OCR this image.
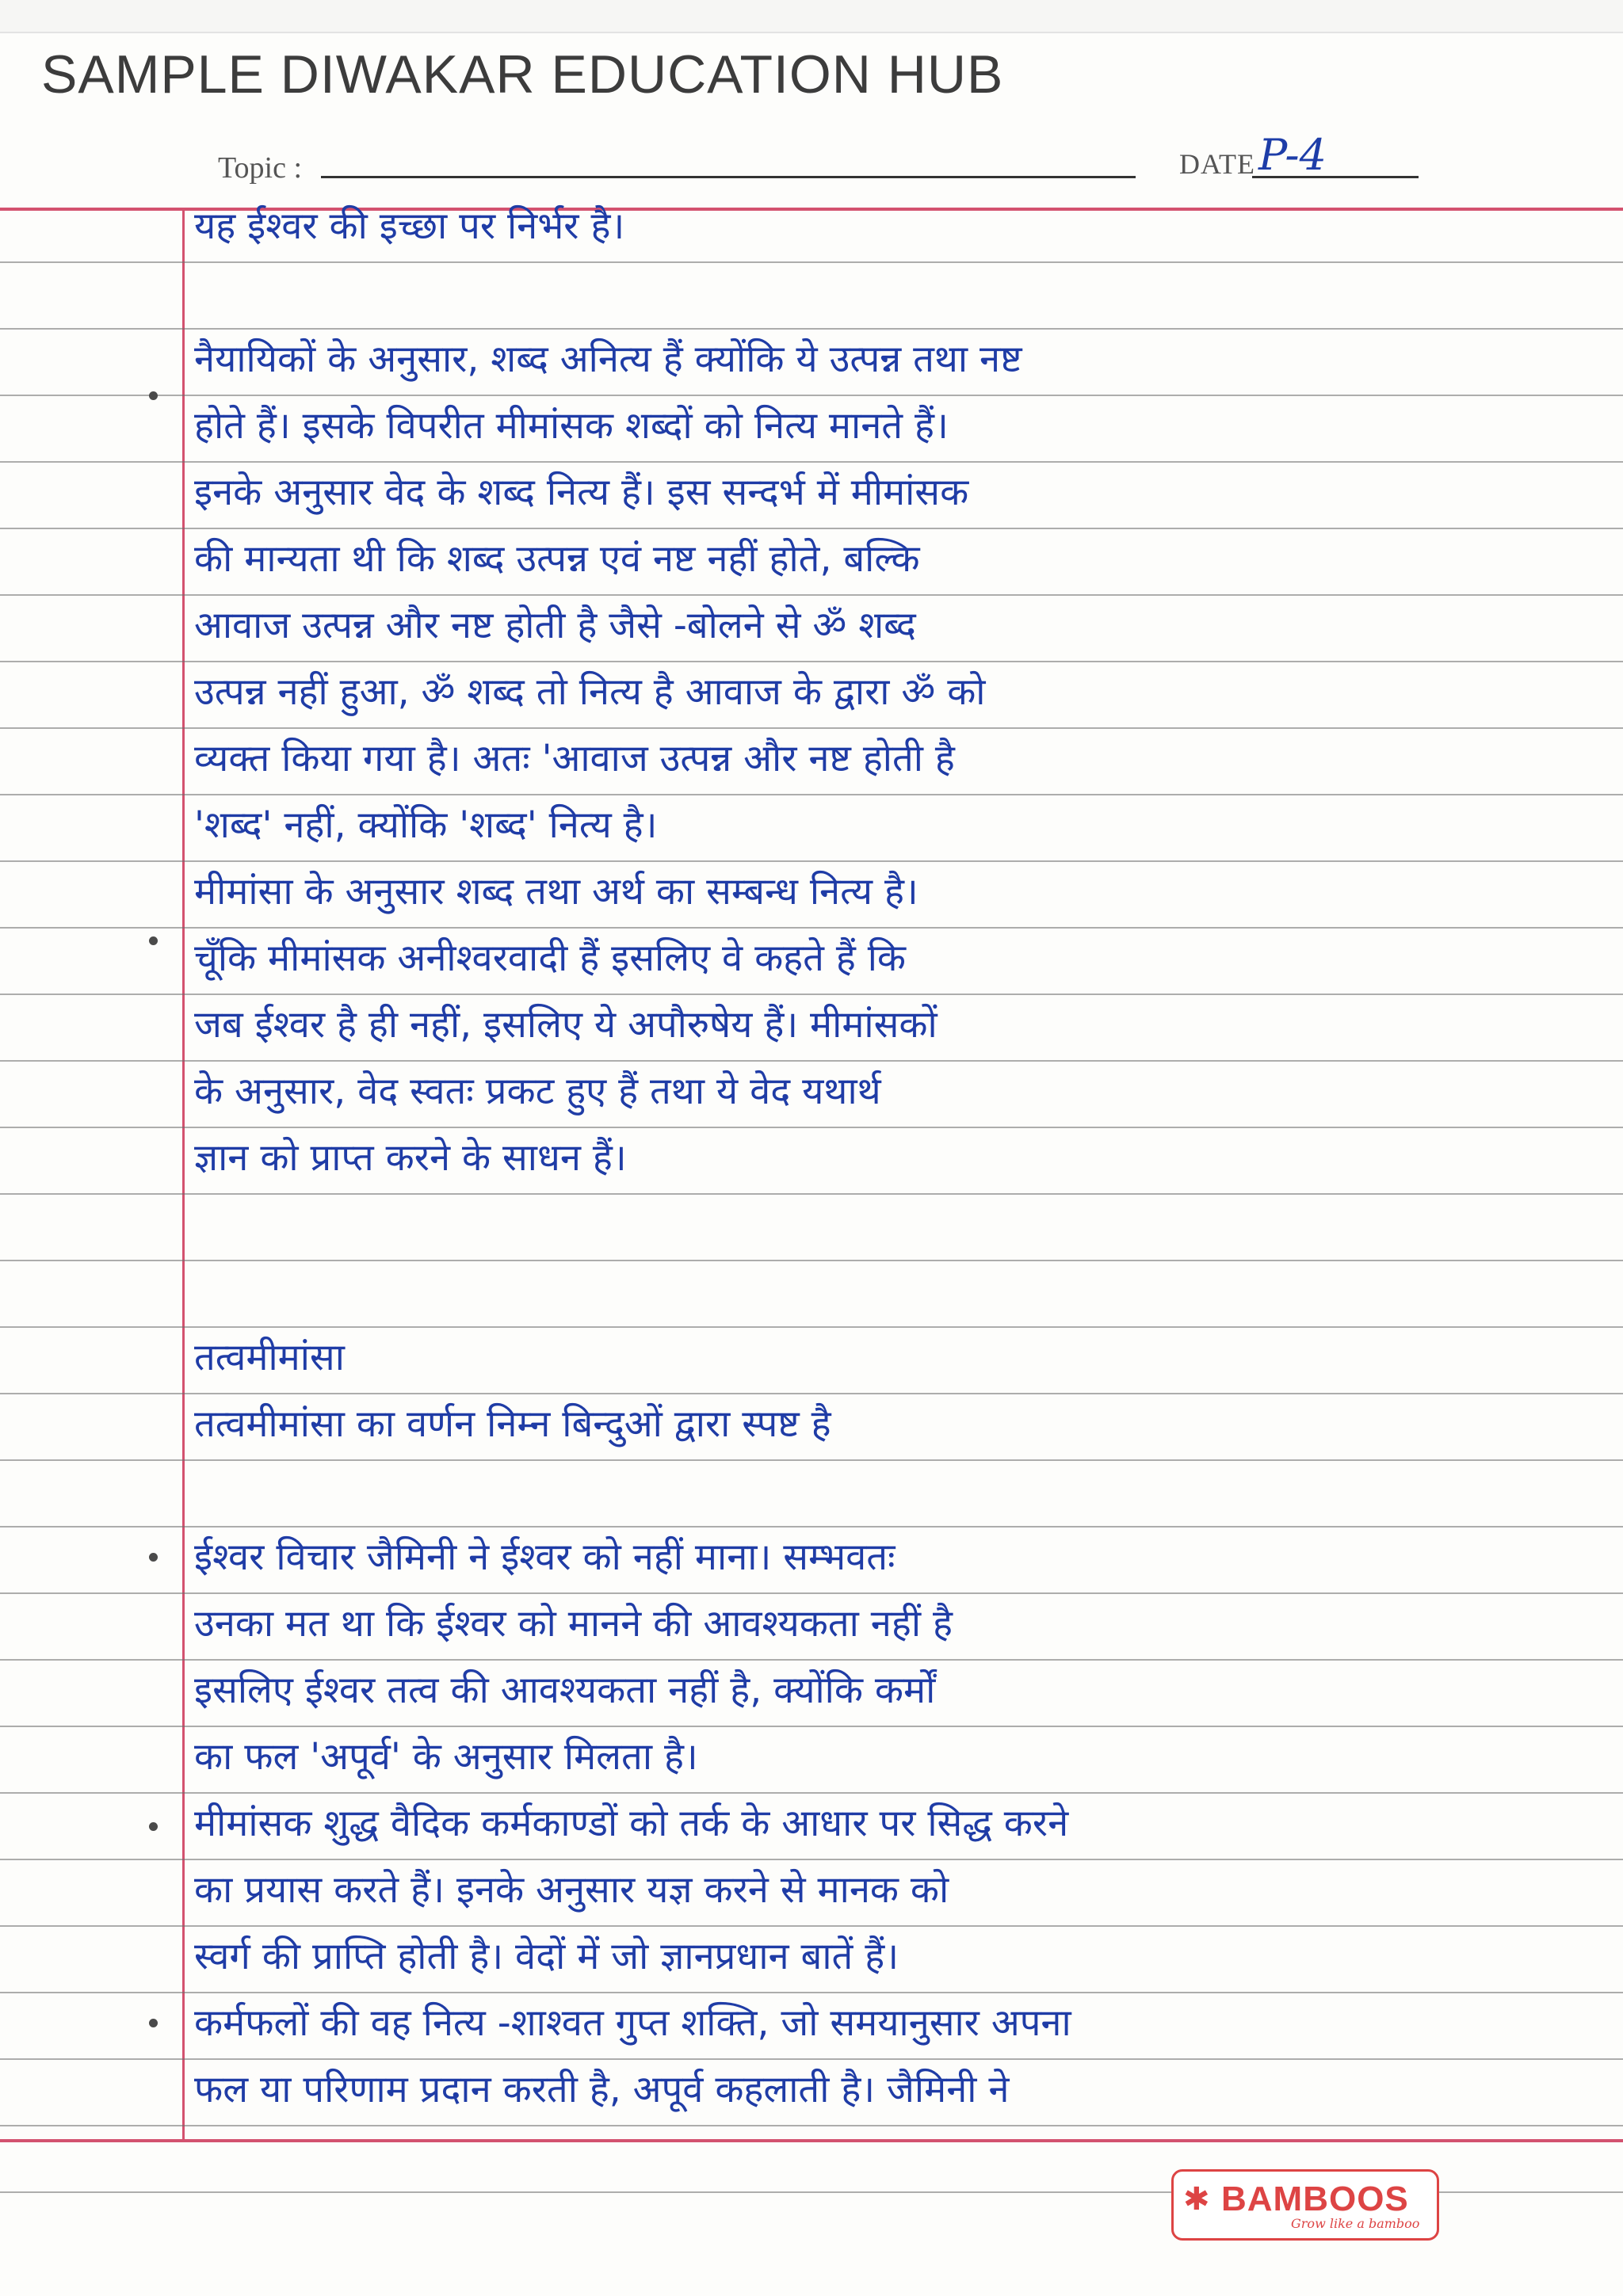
SAMPLE DIWAKAR EDUCATION HUB
Topic :	DATE P-4
यह ईश्वर की इच्छा पर निर्भर है।
नैयायिकों के अनुसार, शब्द अनित्य हैं क्योंकि ये उत्पन्न तथा नष्ट
होते हैं। इसके विपरीत मीमांसक शब्दों को नित्य मानते हैं।
इनके अनुसार वेद के शब्द नित्य हैं। इस सन्दर्भ में मीमांसक
की मान्यता थी कि शब्द उत्पन्न एवं नष्ट नहीं होते, बल्कि
आवाज उत्पन्न और नष्ट होती है जैसे -बोलने से ॐ शब्द
उत्पन्न नहीं हुआ, ॐ शब्द तो नित्य है आवाज के द्वारा ॐ को
व्यक्त किया गया है। अतः 'आवाज उत्पन्न और नष्ट होती है
'शब्द' नहीं, क्योंकि 'शब्द' नित्य है।
मीमांसा के अनुसार शब्द तथा अर्थ का सम्बन्ध नित्य है।
चूँकि मीमांसक अनीश्वरवादी हैं इसलिए वे कहते हैं कि
जब ईश्वर है ही नहीं, इसलिए ये अपौरुषेय हैं। मीमांसकों
के अनुसार, वेद स्वतः प्रकट हुए हैं तथा ये वेद यथार्थ
ज्ञान को प्राप्त करने के साधन हैं।
तत्वमीमांसा
तत्वमीमांसा का वर्णन निम्न बिन्दुओं द्वारा स्पष्ट है
ईश्वर विचार जैमिनी ने ईश्वर को नहीं माना। सम्भवतः
उनका मत था कि ईश्वर को मानने की आवश्यकता नहीं है
इसलिए ईश्वर तत्व की आवश्यकता नहीं है, क्योंकि कर्मों
का फल 'अपूर्व' के अनुसार मिलता है।
मीमांसक शुद्ध वैदिक कर्मकाण्डों को तर्क के आधार पर सिद्ध करने
का प्रयास करते हैं। इनके अनुसार यज्ञ करने से मानक को
स्वर्ग की प्राप्ति होती है। वेदों में जो ज्ञानप्रधान बातें हैं।
कर्मफलों की वह नित्य -शाश्वत गुप्त शक्ति, जो समयानुसार अपना
फल या परिणाम प्रदान करती है, अपूर्व कहलाती है। जैमिनी ने
✱ BAMBOOS
Grow like a bamboo
